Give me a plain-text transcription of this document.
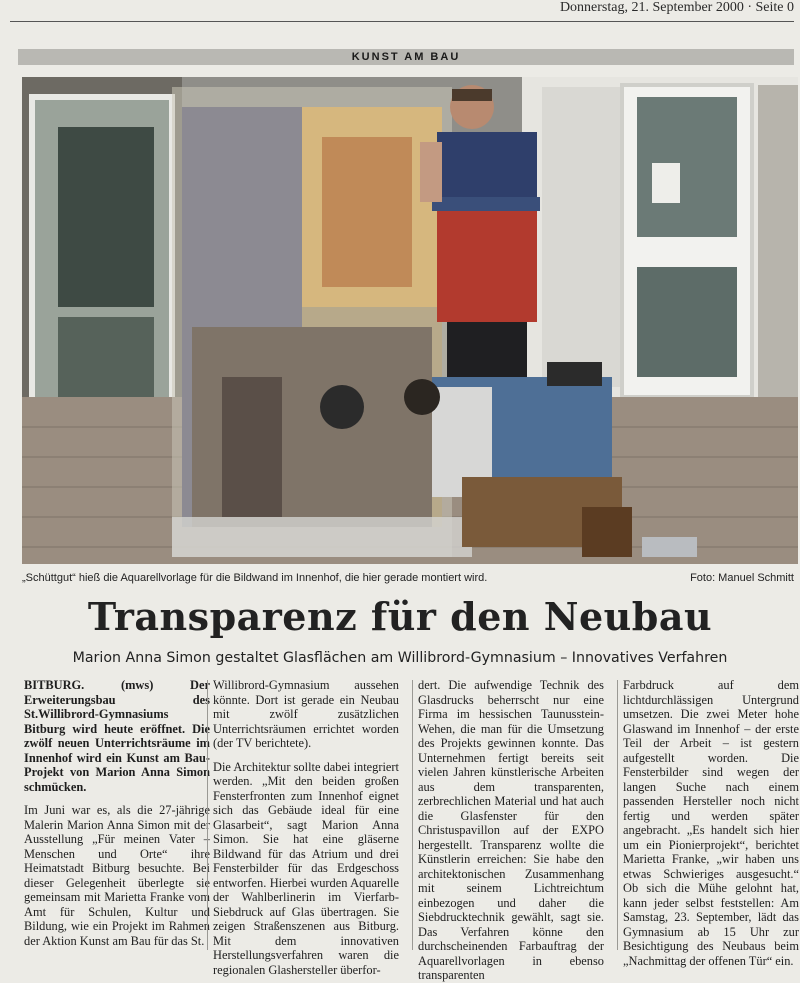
Donnerstag, 21. September 2000 · Seite 0
KUNST AM BAU
„Schüttgut“ hieß die Aquarellvorlage für die Bildwand im Innenhof, die hier gerade montiert wird.	Foto: Manuel Schmitt
Transparenz für den Neubau
Marion Anna Simon gestaltet Glasflächen am Willibrord-Gymnasium – Innovatives Verfahren

BITBURG. (mws) Der Erweiterungsbau des St.Willibrord-Gymnasiums Bitburg wird heute eröffnet. Die zwölf neuen Unterrichtsräume im Innenhof wird ein Kunst am Bau-Projekt von Marion Anna Simon schmücken.

Im Juni war es, als die 27-jährige Malerin Marion Anna Simon mit der Ausstellung „Für meinen Vater – Menschen und Orte“ ihre Heimatstadt Bitburg besuchte. Bei dieser Gelegenheit überlegte sie gemeinsam mit Marietta Franke vom Amt für Schulen, Kultur und Bildung, wie ein Projekt im Rahmen der Aktion Kunst am Bau für das St.

Willibrord-Gymnasium aussehen könnte. Dort ist gerade ein Neubau mit zwölf zusätzlichen Unterrichtsräumen errichtet worden (der TV berichtete).

Die Architektur sollte dabei integriert werden. „Mit den beiden großen Fensterfronten zum Innenhof eignet sich das Gebäude ideal für eine Glasarbeit“, sagt Marion Anna Simon. Sie hat eine gläserne Bildwand für das Atrium und drei Fensterbilder für das Erdgeschoss entworfen. Hierbei wurden Aquarelle der Wahlberlinerin im Vierfarb-Siebdruck auf Glas übertragen. Sie zeigen Straßenszenen aus Bitburg. Mit dem innovativen Herstellungsverfahren waren die regionalen Glashersteller überfor-

dert. Die aufwendige Technik des Glasdrucks beherrscht nur eine Firma im hessischen Taunusstein-Wehen, die man für die Umsetzung des Projekts gewinnen konnte. Das Unternehmen fertigt bereits seit vielen Jahren künstlerische Arbeiten aus dem transparenten, zerbrechlichen Material und hat auch die Glasfenster für den Christuspavillon auf der EXPO hergestellt. Transparenz wollte die Künstlerin erreichen: Sie habe den architektonischen Zusammenhang mit seinem Lichtreichtum einbezogen und daher die Siebdrucktechnik gewählt, sagt sie. Das Verfahren könne den durchscheinenden Farbauftrag der Aquarellvorlagen in ebenso transparenten

Farbdruck auf dem lichtdurchlässigen Untergrund umsetzen. Die zwei Meter hohe Glaswand im Innenhof – der erste Teil der Arbeit – ist gestern aufgestellt worden. Die Fensterbilder sind wegen der langen Suche nach einem passenden Hersteller noch nicht fertig und werden später angebracht. „Es handelt sich hier um ein Pionierprojekt“, berichtet Marietta Franke, „wir haben uns etwas Schwieriges ausgesucht.“ Ob sich die Mühe gelohnt hat, kann jeder selbst feststellen: Am Samstag, 23. September, lädt das Gymnasium ab 15 Uhr zur Besichtigung des Neubaus beim „Nachmittag der offenen Tür“ ein.
